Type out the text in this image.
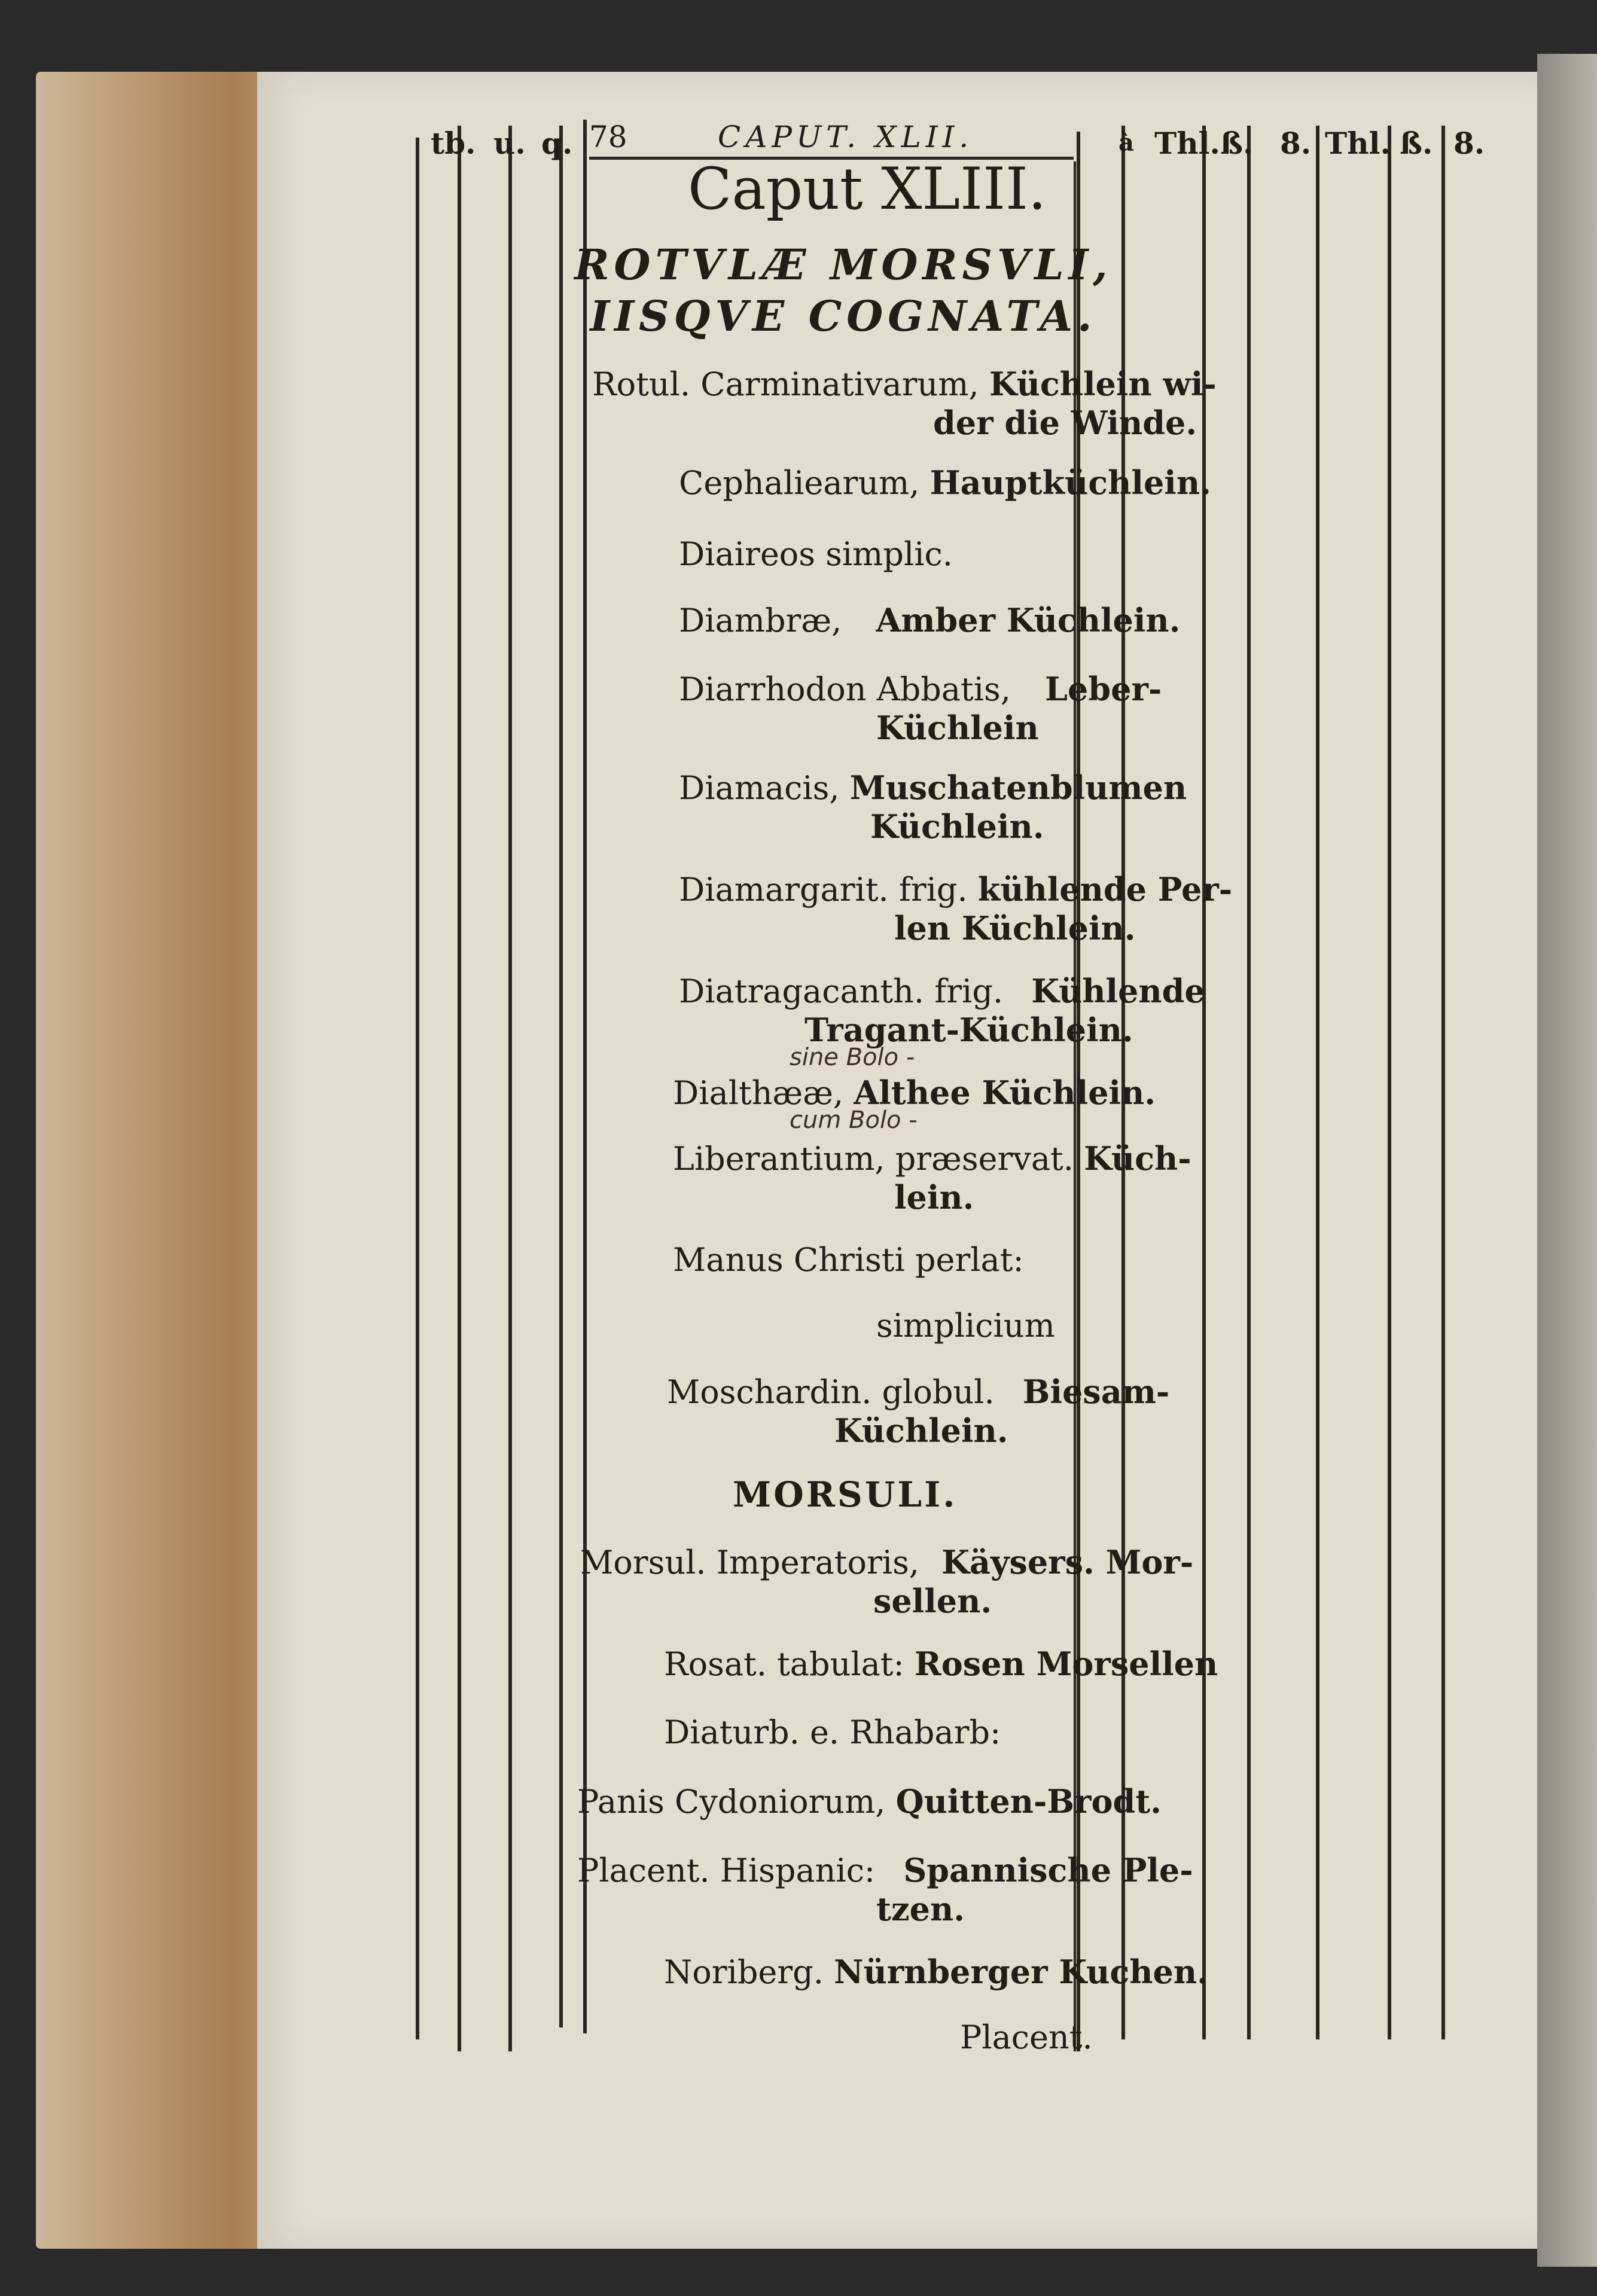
tb. u. q. 78	CAPUT. XLII.	à Thl. ß. 8. Thl. ß. 8.
Caput XLIII.
ROTVLÆ MORSVLI,
IISQVE COGNATA.
Rotul. Carminativarum, Küchlein wi-
der die Winde.
Cephaliearum, Hauptküchlein.
Diaireos simplic.
Diambræ, Amber Küchlein.
Diarrhodon Abbatis, Leber-
Küchlein
Diamacis, Muschatenblumen
Küchlein.
Diamargarit. frig. kühlende Per-
len Küchlein.
Diatragacanth. frig. Kühlende
Tragant-Küchlein.
sine Bolo -
Dialthææ, Althee Küchlein.
cum Bolo -
Liberantium, præservat. Küch-
lein.
Manus Christi perlat:
simplicium
Moschardin. globul. Biesam-
Küchlein.
MORSULI.
Morsul. Imperatoris, Käysers. Mor-
sellen.
Rosat. tabulat: Rosen Morsellen
Diaturb. e. Rhabarb:
Panis Cydoniorum, Quitten-Brodt.
Placent. Hispanic: Spannische Ple-
tzen.
Noriberg. Nürnberger Kuchen.
Placent.
